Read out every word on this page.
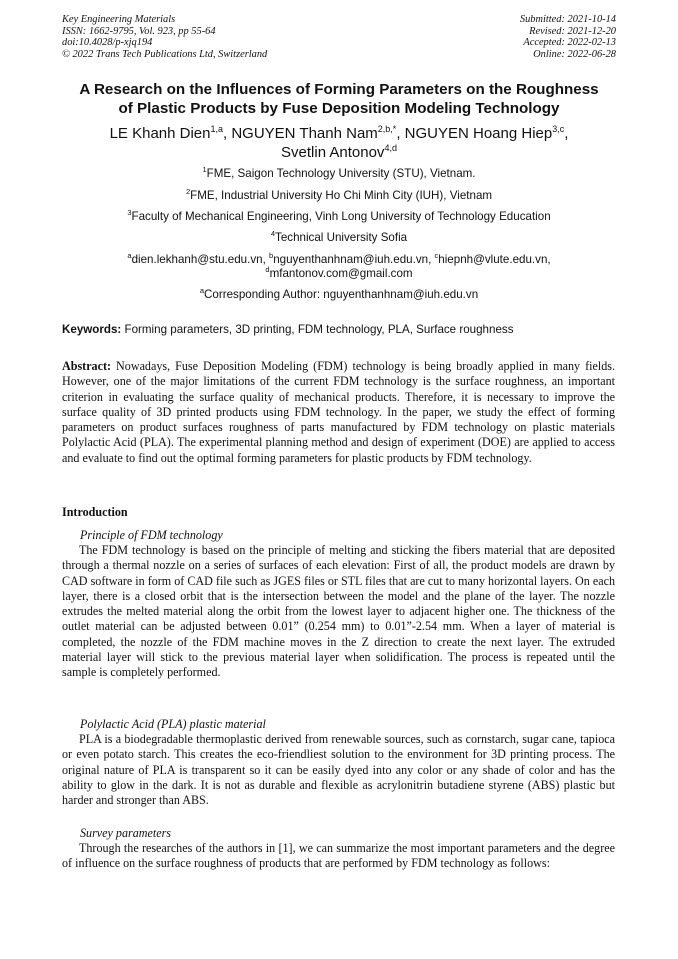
Key Engineering Materials
ISSN: 1662-9795, Vol. 923, pp 55-64
doi:10.4028/p-xjq194
© 2022 Trans Tech Publications Ltd, Switzerland
Submitted: 2021-10-14
Revised: 2021-12-20
Accepted: 2022-02-13
Online: 2022-06-28
A Research on the Influences of Forming Parameters on the Roughness
of Plastic Products by Fuse Deposition Modeling Technology
LE Khanh Dien$^{1,a}$, NGUYEN Thanh Nam$^{2,b,*}$, NGUYEN Hoang Hiep$^{3,c}$,
Svetlin Antonov$^{4,d}$
$^1$FME, Saigon Technology University (STU), Vietnam.
$^2$FME, Industrial University Ho Chi Minh City (IUH), Vietnam
$^3$Faculty of Mechanical Engineering, Vinh Long University of Technology Education
$^4$Technical University Sofia
$^a$dien.lekhanh@stu.edu.vn, $^b$nguyenthanhnam@iuh.edu.vn, $^c$hiepnh@vlute.edu.vn,
$^d$mfantonov.com@gmail.com
$^a$Corresponding Author: nguyenthanhnam@iuh.edu.vn
Keywords: Forming parameters, 3D printing, FDM technology, PLA, Surface roughness
Abstract: Nowadays, Fuse Deposition Modeling (FDM) technology is being broadly applied in many fields. However, one of the major limitations of the current FDM technology is the surface roughness, an important criterion in evaluating the surface quality of mechanical products. Therefore, it is necessary to improve the surface quality of 3D printed products using FDM technology. In the paper, we study the effect of forming parameters on product surfaces roughness of parts manufactured by FDM technology on plastic materials Polylactic Acid (PLA). The experimental planning method and design of experiment (DOE) are applied to access and evaluate to find out the optimal forming parameters for plastic products by FDM technology.
Introduction
Principle of FDM technology
The FDM technology is based on the principle of melting and sticking the fibers material that are deposited through a thermal nozzle on a series of surfaces of each elevation: First of all, the product models are drawn by CAD software in form of CAD file such as JGES files or STL files that are cut to many horizontal layers. On each layer, there is a closed orbit that is the intersection between the model and the plane of the layer. The nozzle extrudes the melted material along the orbit from the lowest layer to adjacent higher one. The thickness of the outlet material can be adjusted between 0.01” (0.254 mm) to 0.01”-2.54 mm. When a layer of material is completed, the nozzle of the FDM machine moves in the Z direction to create the next layer. The extruded material layer will stick to the previous material layer when solidification. The process is repeated until the sample is completely performed.
Polylactic Acid (PLA) plastic material
PLA is a biodegradable thermoplastic derived from renewable sources, such as cornstarch, sugar cane, tapioca or even potato starch. This creates the eco-friendliest solution to the environment for 3D printing process. The original nature of PLA is transparent so it can be easily dyed into any color or any shade of color and has the ability to glow in the dark. It is not as durable and flexible as acrylonitrin butadiene styrene (ABS) plastic but harder and stronger than ABS.
Survey parameters
Through the researches of the authors in [1], we can summarize the most important parameters and the degree of influence on the surface roughness of products that are performed by FDM technology as follows:
